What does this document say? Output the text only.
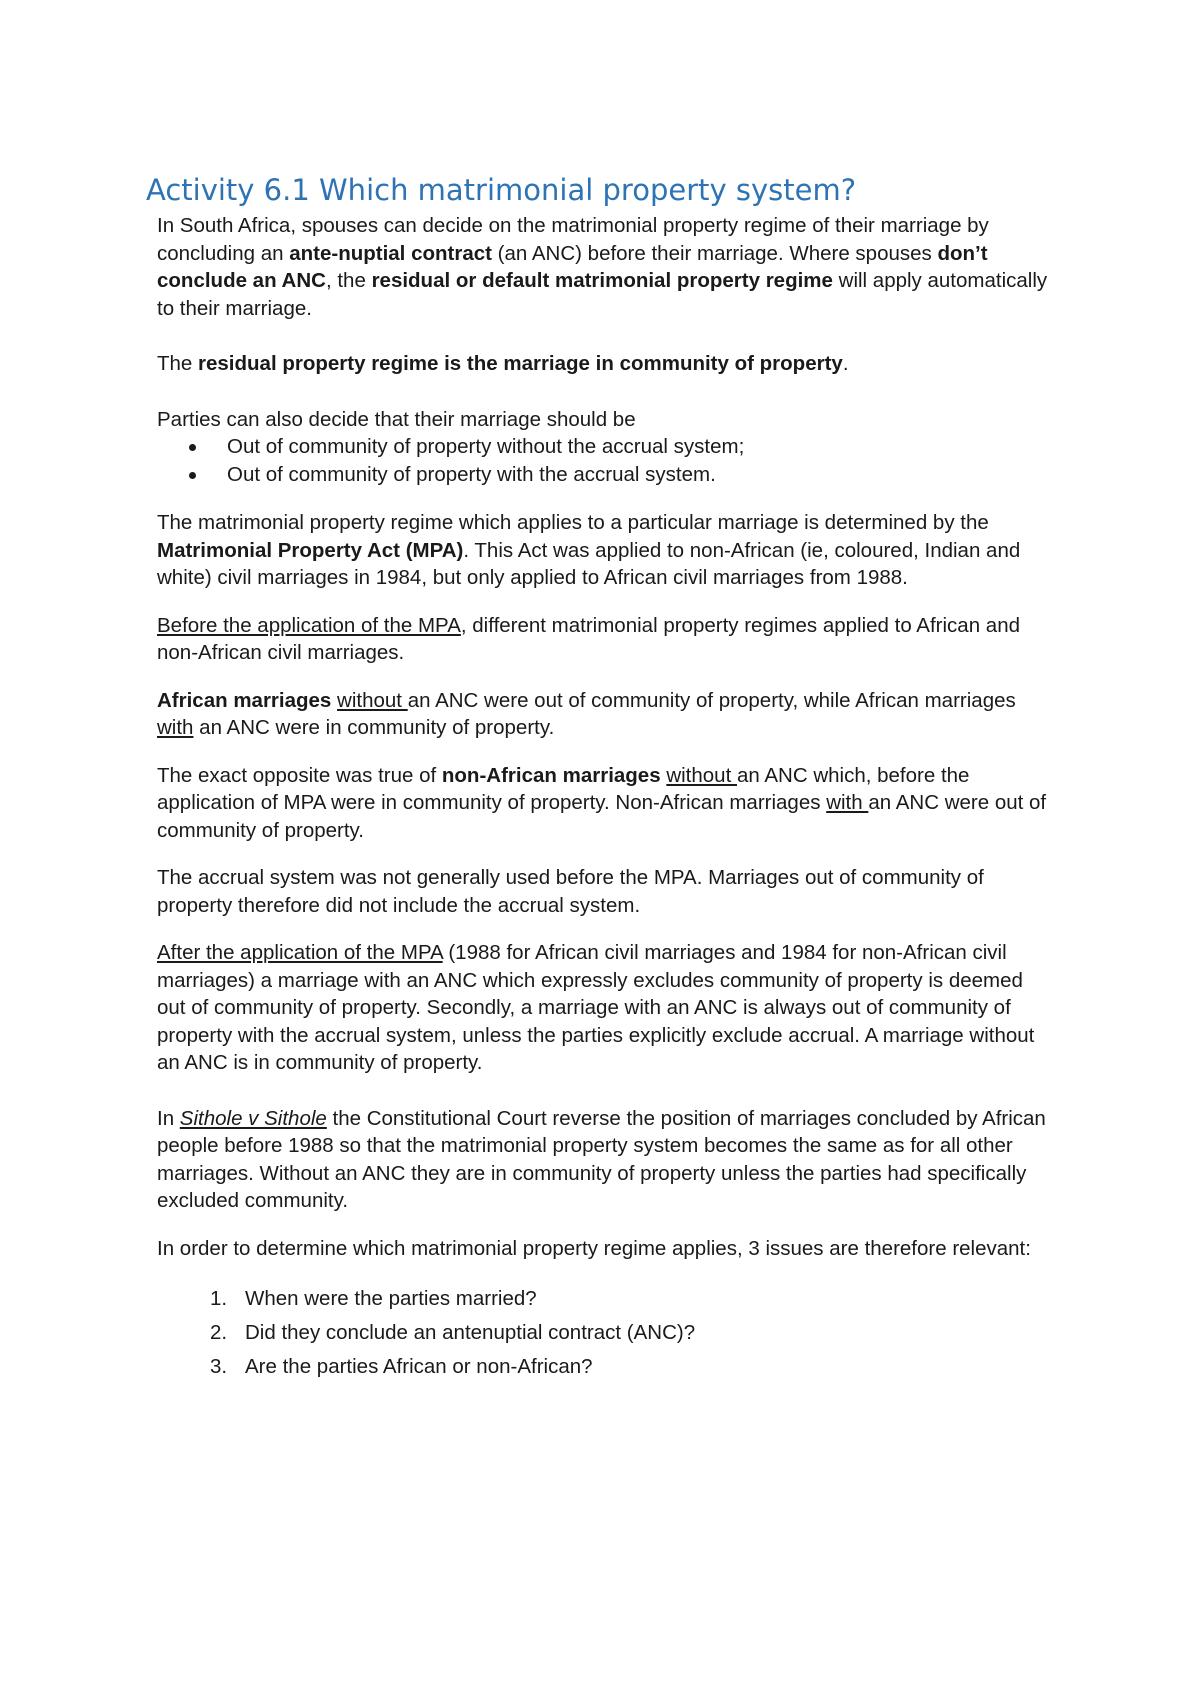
Activity 6.1 Which matrimonial property system?

In South Africa, spouses can decide on the matrimonial property regime of their marriage by concluding an ante-nuptial contract (an ANC) before their marriage. Where spouses don’t conclude an ANC, the residual or default matrimonial property regime will apply automatically to their marriage.

The residual property regime is the marriage in community of property.

Parties can also decide that their marriage should be

Out of community of property without the accrual system;
Out of community of property with the accrual system.

The matrimonial property regime which applies to a particular marriage is determined by the Matrimonial Property Act (MPA). This Act was applied to non-African (ie, coloured, Indian and white) civil marriages in 1984, but only applied to African civil marriages from 1988.

Before the application of the MPA, different matrimonial property regimes applied to African and non-African civil marriages.

African marriages without an ANC were out of community of property, while African marriages with an ANC were in community of property.

The exact opposite was true of non-African marriages without an ANC which, before the application of MPA were in community of property. Non-African marriages with an ANC were out of community of property.

The accrual system was not generally used before the MPA. Marriages out of community of property therefore did not include the accrual system.

After the application of the MPA (1988 for African civil marriages and 1984 for non-African civil marriages) a marriage with an ANC which expressly excludes community of property is deemed out of community of property. Secondly, a marriage with an ANC is always out of community of property with the accrual system, unless the parties explicitly exclude accrual. A marriage without an ANC is in community of property.

In Sithole v Sithole the Constitutional Court reverse the position of marriages concluded by African people before 1988 so that the matrimonial property system becomes the same as for all other marriages. Without an ANC they are in community of property unless the parties had specifically excluded community.

In order to determine which matrimonial property regime applies, 3 issues are therefore relevant:

1. When were the parties married?
2. Did they conclude an antenuptial contract (ANC)?
3. Are the parties African or non-African?
